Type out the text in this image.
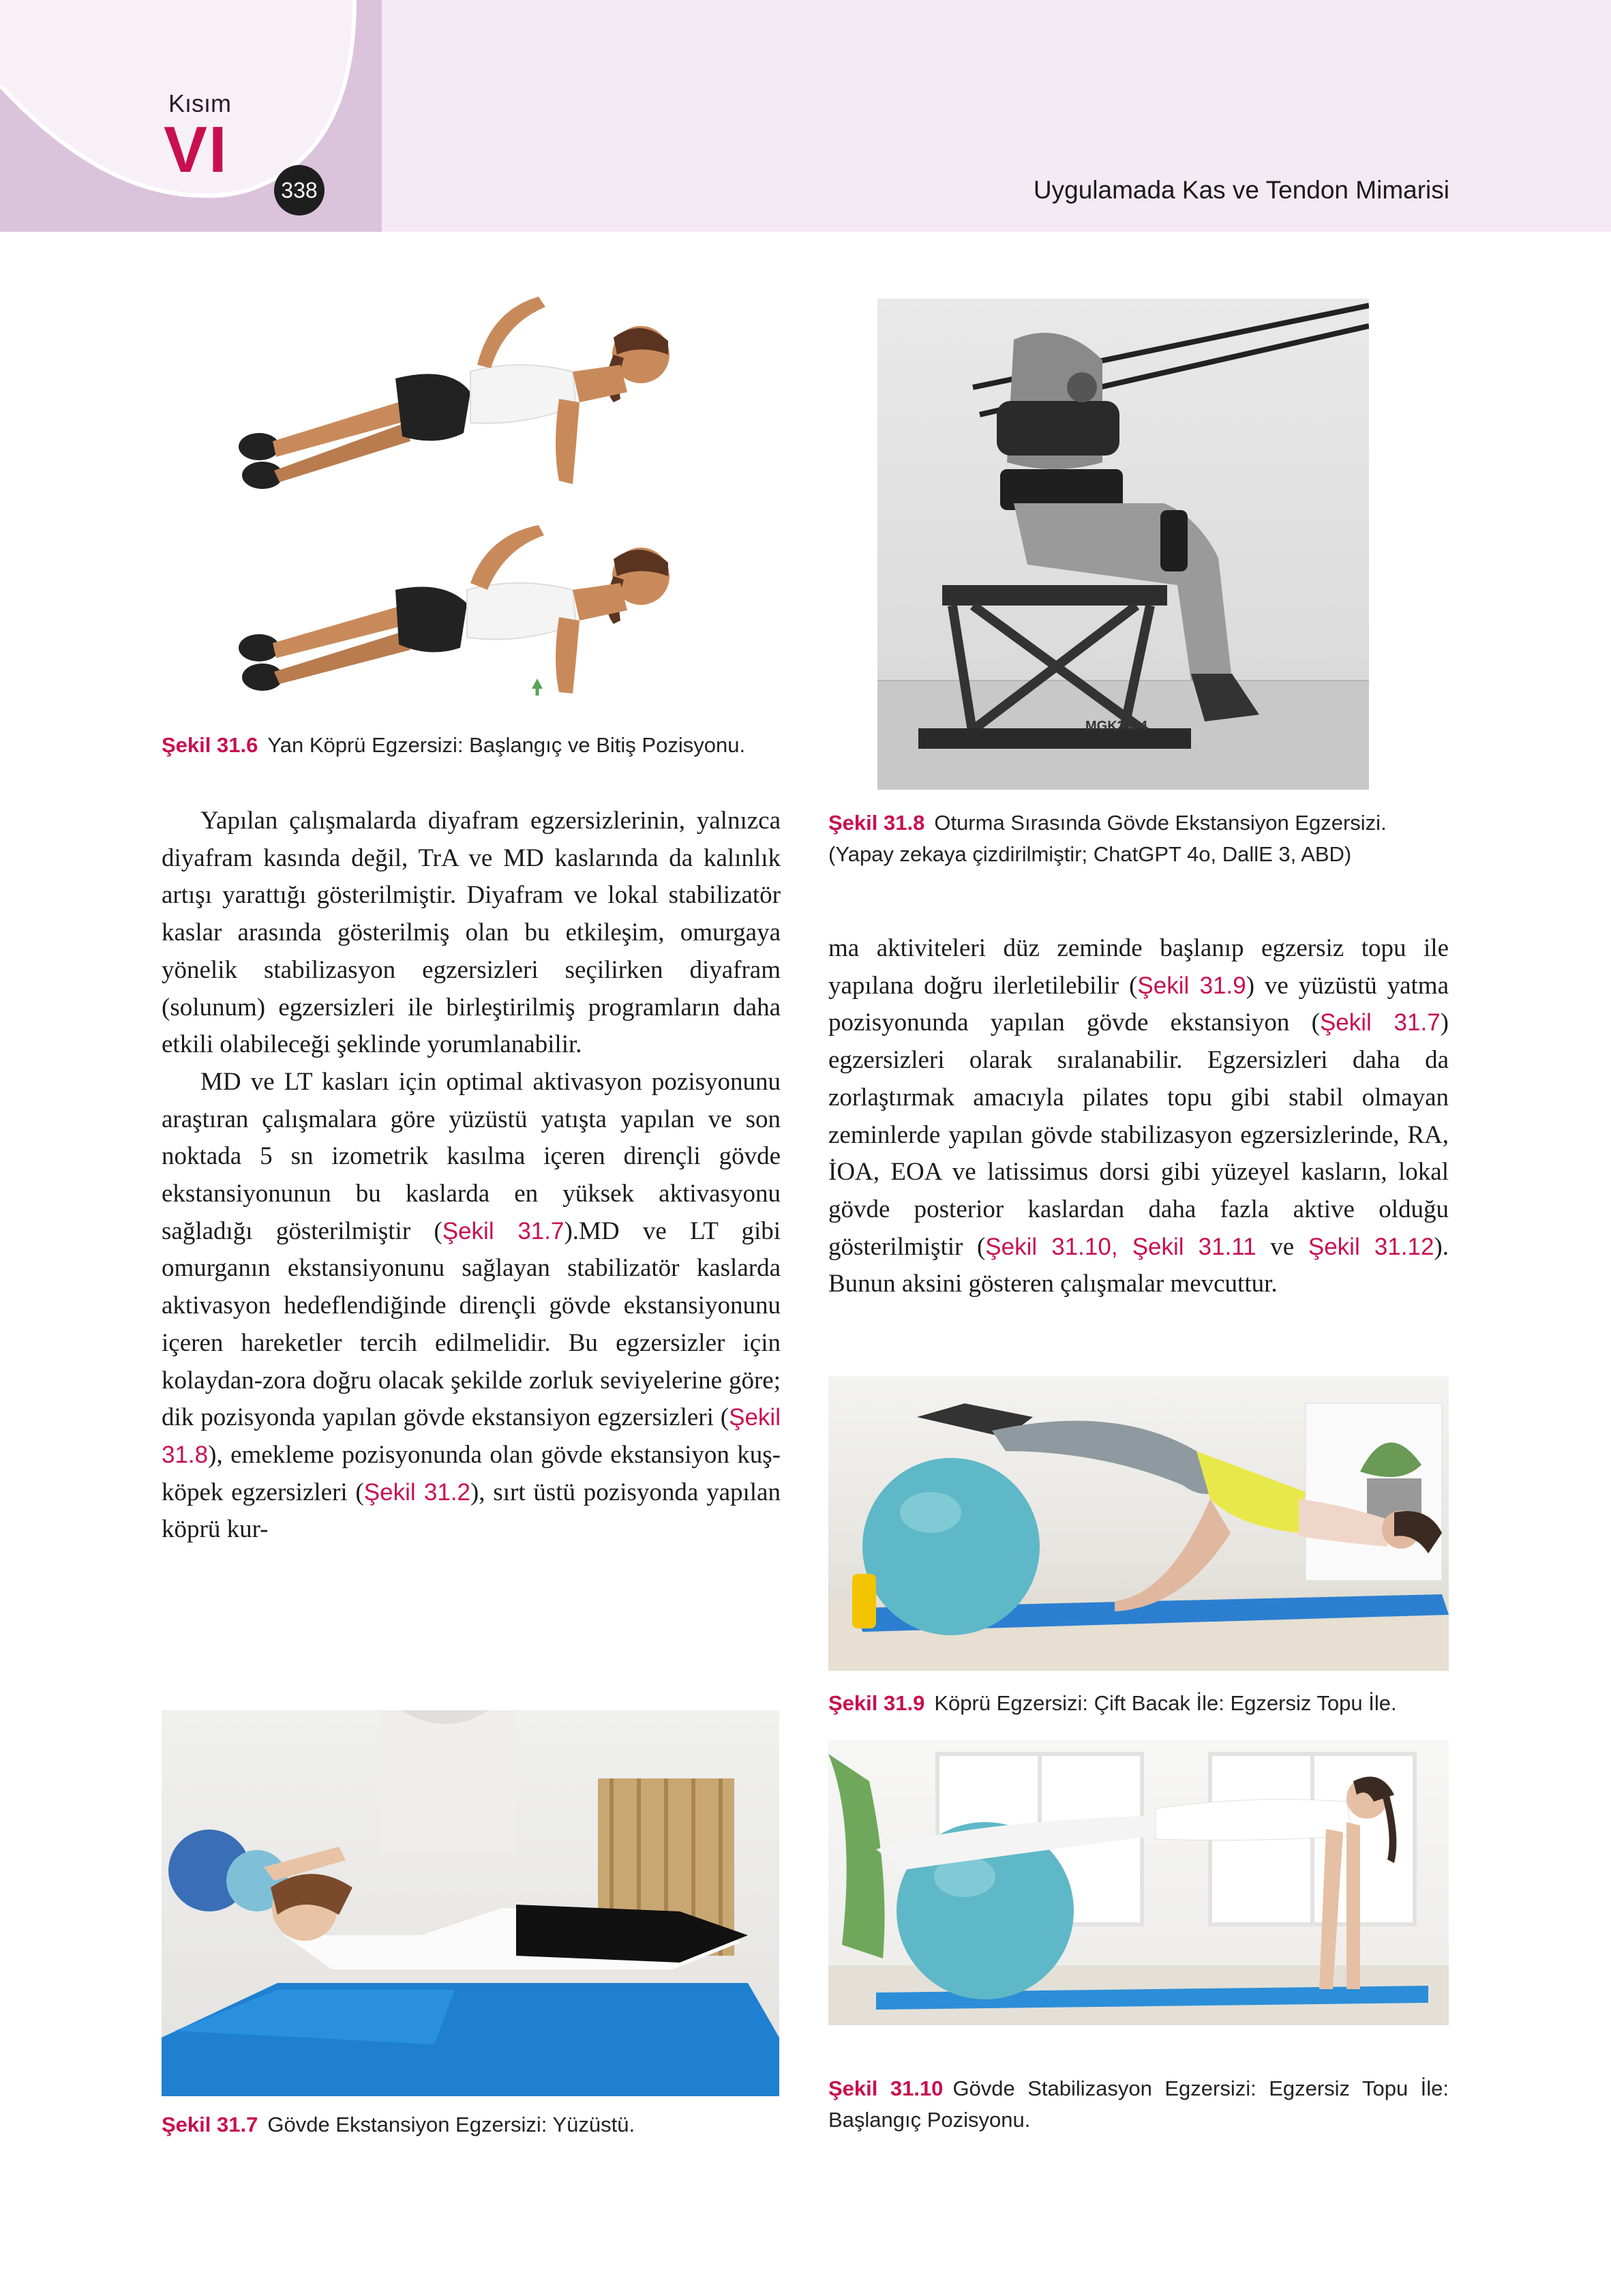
Kısım
VI
338	Uygulamada Kas ve Tendon Mimarisi
Şekil 31.6 Yan Köprü Egzersizi: Başlangıç ve Bitiş Pozisyonu.
MGK2024
Şekil 31.8 Oturma Sırasında Gövde Ekstansiyon Egzersizi. (Yapay zekaya çizdirilmiştir; ChatGPT 4o, DallE 3, ABD)

Yapılan çalışmalarda diyafram egzersizlerinin, yalnızca diyafram kasında değil, TrA ve MD kaslarında da kalınlık artışı yarattığı gösterilmiştir. Diyafram ve lokal stabilizatör kaslar arasında gösterilmiş olan bu etkileşim, omurgaya yönelik stabilizasyon egzersizleri seçilirken diyafram (solunum) egzersizleri ile birleştirilmiş programların daha etkili olabileceği şeklinde yorumlanabilir.

MD ve LT kasları için optimal aktivasyon pozisyonunu araştıran çalışmalara göre yüzüstü yatışta yapılan ve son noktada 5 sn izometrik kasılma içeren dirençli gövde ekstansiyonunun bu kaslarda en yüksek aktivasyonu sağladığı gösterilmiştir (Şekil 31.7).MD ve LT gibi omurganın ekstansiyonunu sağlayan stabilizatör kaslarda aktivasyon hedeflendiğinde dirençli gövde ekstansiyonunu içeren hareketler tercih edilmelidir. Bu egzersizler için kolaydan-zora doğru olacak şekilde zorluk seviyelerine göre; dik pozisyonda yapılan gövde ekstansiyon egzersizleri (Şekil 31.8), emekleme pozisyonunda olan gövde ekstansiyon kuş-köpek egzersizleri (Şekil 31.2), sırt üstü pozisyonda yapılan köprü kur-

ma aktiviteleri düz zeminde başlanıp egzersiz topu ile yapılana doğru ilerletilebilir (Şekil 31.9) ve yüzüstü yatma pozisyonunda yapılan gövde ekstansiyon (Şekil 31.7) egzersizleri olarak sıralanabilir. Egzersizleri daha da zorlaştırmak amacıyla pilates topu gibi stabil olmayan zeminlerde yapılan gövde stabilizasyon egzersizlerinde, RA, İOA, EOA ve latissimus dorsi gibi yüzeyel kasların, lokal gövde posterior kaslardan daha fazla aktive olduğu gösterilmiştir (Şekil 31.10, Şekil 31.11 ve Şekil 31.12). Bunun aksini gösteren çalışmalar mevcuttur.

Şekil 31.9 Köprü Egzersizi: Çift Bacak İle: Egzersiz Topu İle.
Şekil 31.7 Gövde Ekstansiyon Egzersizi: Yüzüstü.
Şekil 31.10 Gövde Stabilizasyon Egzersizi: Egzersiz Topu İle: Başlangıç Pozisyonu.
